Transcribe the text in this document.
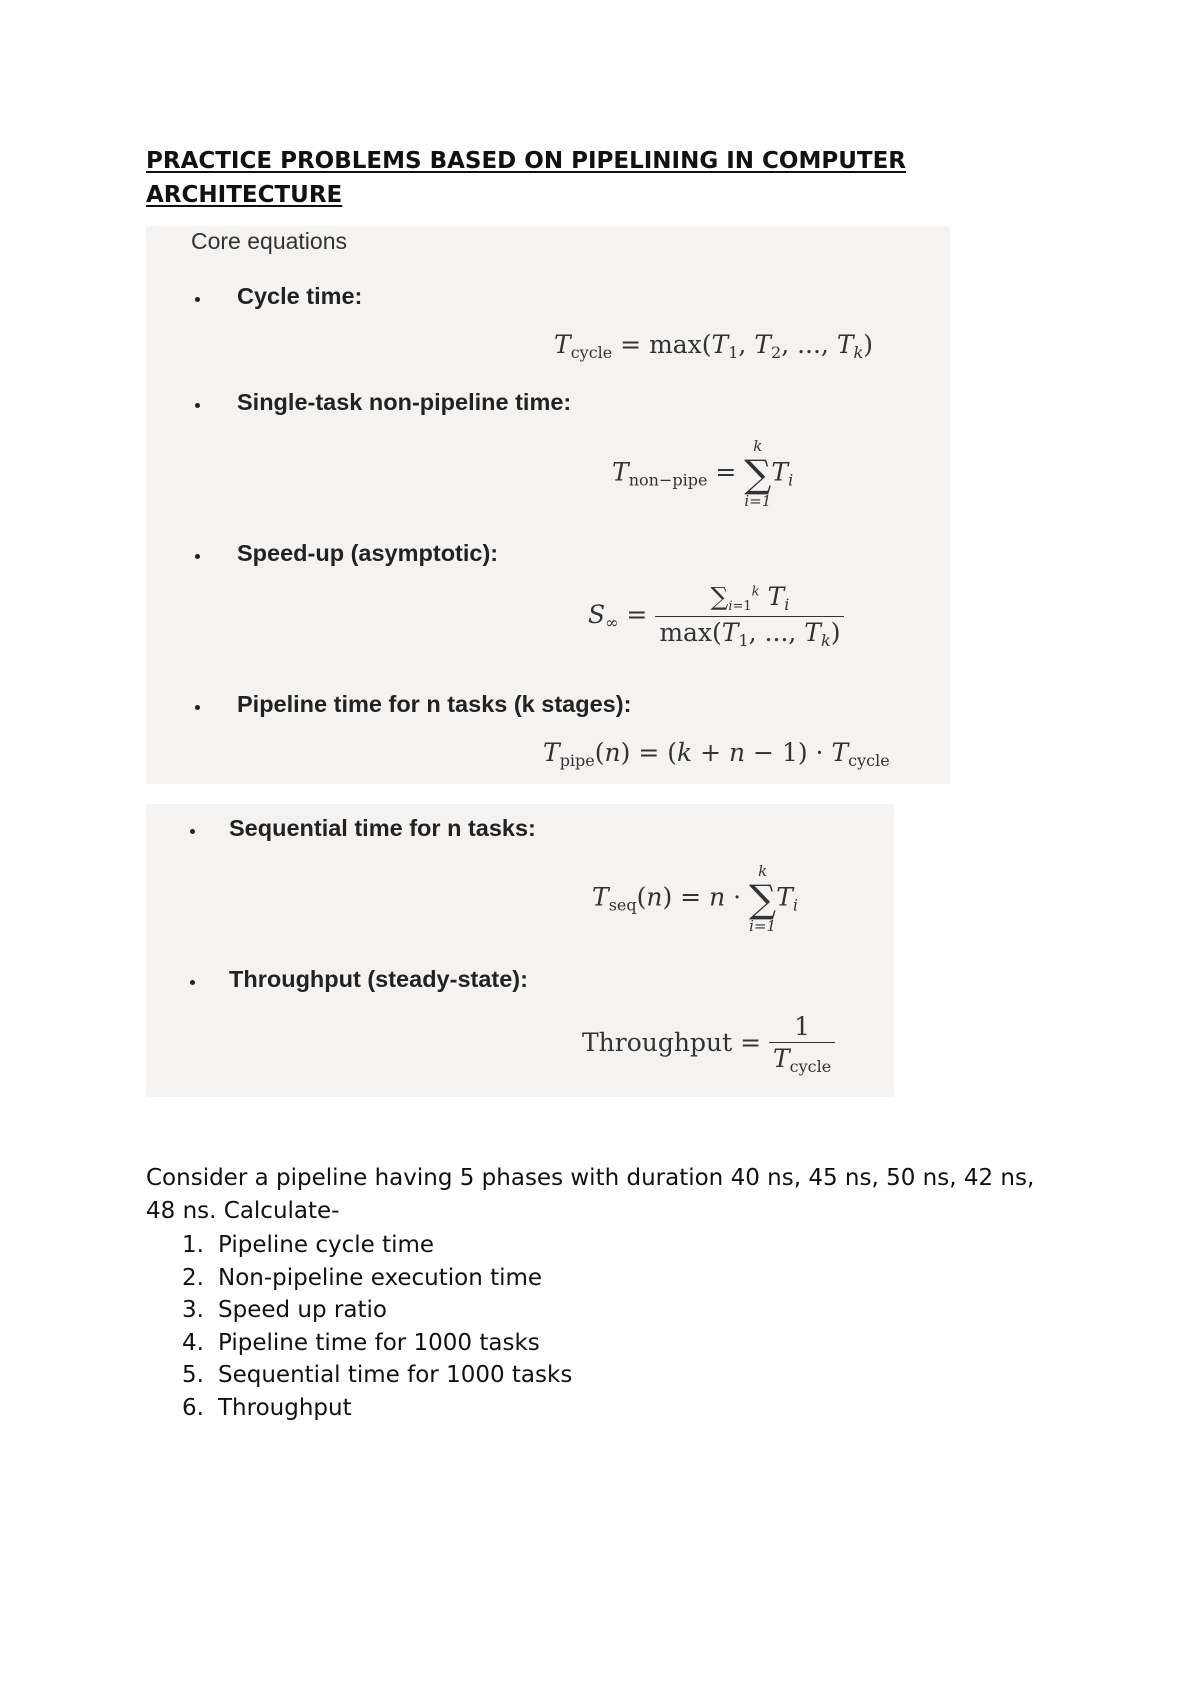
PRACTICE PROBLEMS BASED ON PIPELINING IN COMPUTER ARCHITECTURE
Core equations
Cycle time:
$T_{cycle} = \max(T_1$, $T_2$, ..., $T_k$)
Single-task non-pipeline time:
$T_{non-pipe}$ =
k
∑
i=1
$T_i$
Speed-up (asymptotic):
$S_\infty = \frac{\sum_{i=1}^k T_i}{\max(T_1, ..., T_k)}$
Pipeline time for n tasks (k stages):
$T_{pipe}(n) = (k + n - 1) \cdot T_{cycle}$
Sequential time for n tasks:
$T_{seq}(n) = n$ ·
k
∑
i=1
$T_i$
Throughput (steady-state):
Throughput = $\frac{1}{T_{cycle}}$

Consider a pipeline having 5 phases with duration 40 ns, 45 ns, 50 ns, 42 ns, 48 ns. Calculate-

1. Pipeline cycle time
2. Non-pipeline execution time
3. Speed up ratio
4. Pipeline time for 1000 tasks
5. Sequential time for 1000 tasks
6. Throughput
